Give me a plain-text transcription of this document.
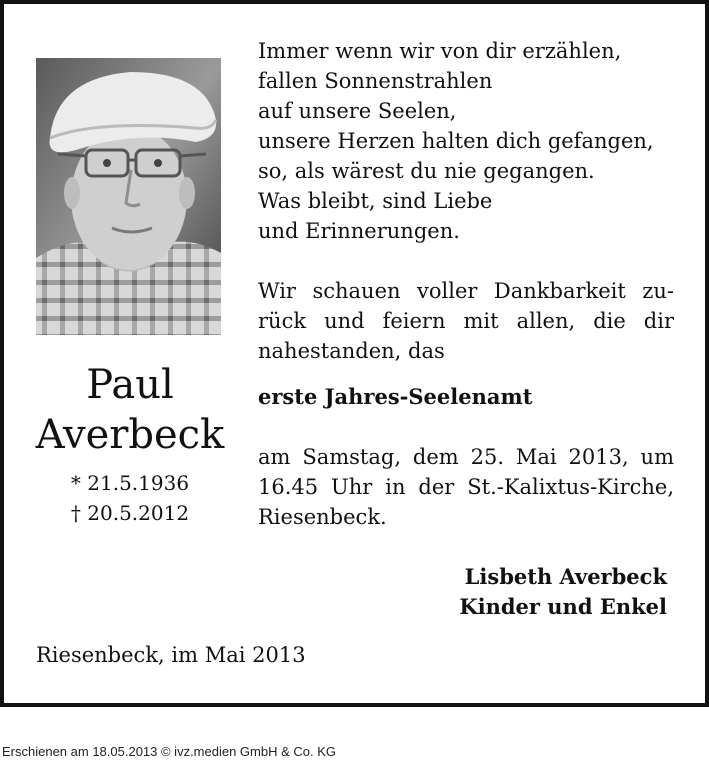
Paul
Averbeck
* 21.5.1936
† 20.5.2012
Immer wenn wir von dir erzählen,
fallen Sonnenstrahlen
auf unsere Seelen,
unsere Herzen halten dich gefangen,
so, als wärest du nie gegangen.
Was bleibt, sind Liebe
und Erinnerungen.
Wir schauen voller Dankbarkeit zu-
rück und feiern mit allen, die dir
nahestanden, das
erste Jahres-Seelenamt
am Samstag, dem 25. Mai 2013, um
16.45 Uhr in der St.-Kalixtus-Kirche,
Riesenbeck.
Lisbeth Averbeck
Kinder und Enkel
Riesenbeck, im Mai 2013
Erschienen am 18.05.2013 © ivz.medien GmbH & Co. KG
